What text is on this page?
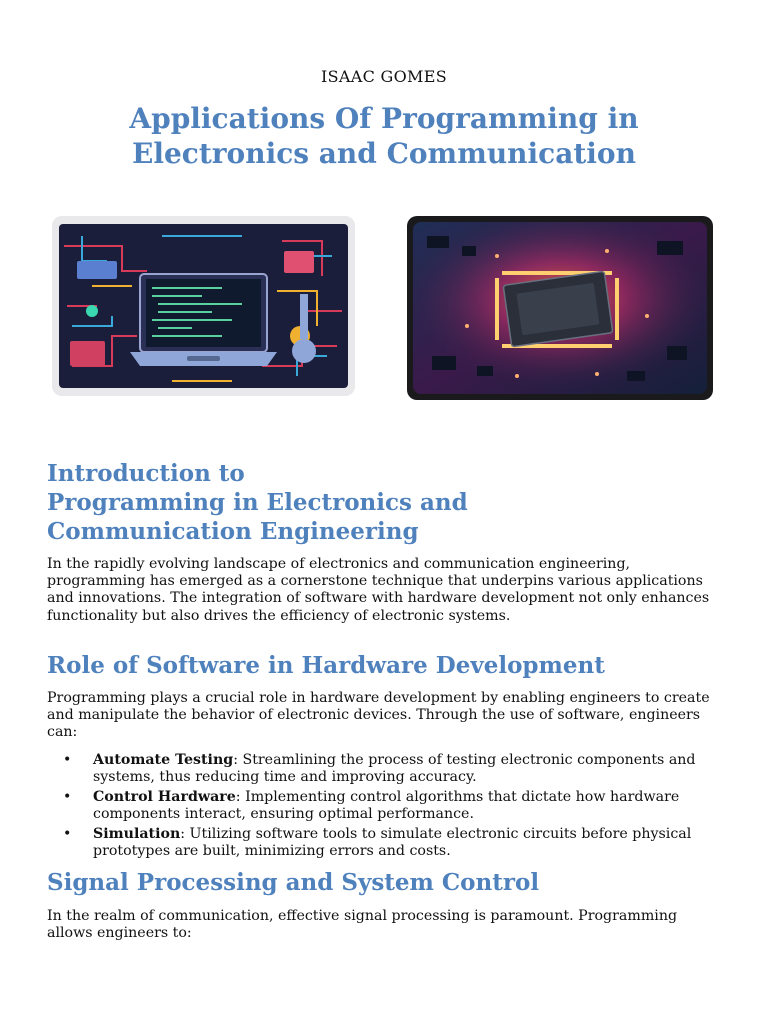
ISAAC GOMES
Applications Of Programming in
Electronics and Communication
Introduction to
Programming in Electronics and
Communication Engineering

In the rapidly evolving landscape of electronics and communication engineering, programming has emerged as a cornerstone technique that underpins various applications and innovations. The integration of software with hardware development not only enhances functionality but also drives the efficiency of electronic systems.

Role of Software in Hardware Development

Programming plays a crucial role in hardware development by enabling engineers to create and manipulate the behavior of electronic devices. Through the use of software, engineers can:

• Automate Testing: Streamlining the process of testing electronic components and systems, thus reducing time and improving accuracy.
• Control Hardware: Implementing control algorithms that dictate how hardware components interact, ensuring optimal performance.
• Simulation: Utilizing software tools to simulate electronic circuits before physical prototypes are built, minimizing errors and costs.
Signal Processing and System Control

In the realm of communication, effective signal processing is paramount. Programming allows engineers to:
